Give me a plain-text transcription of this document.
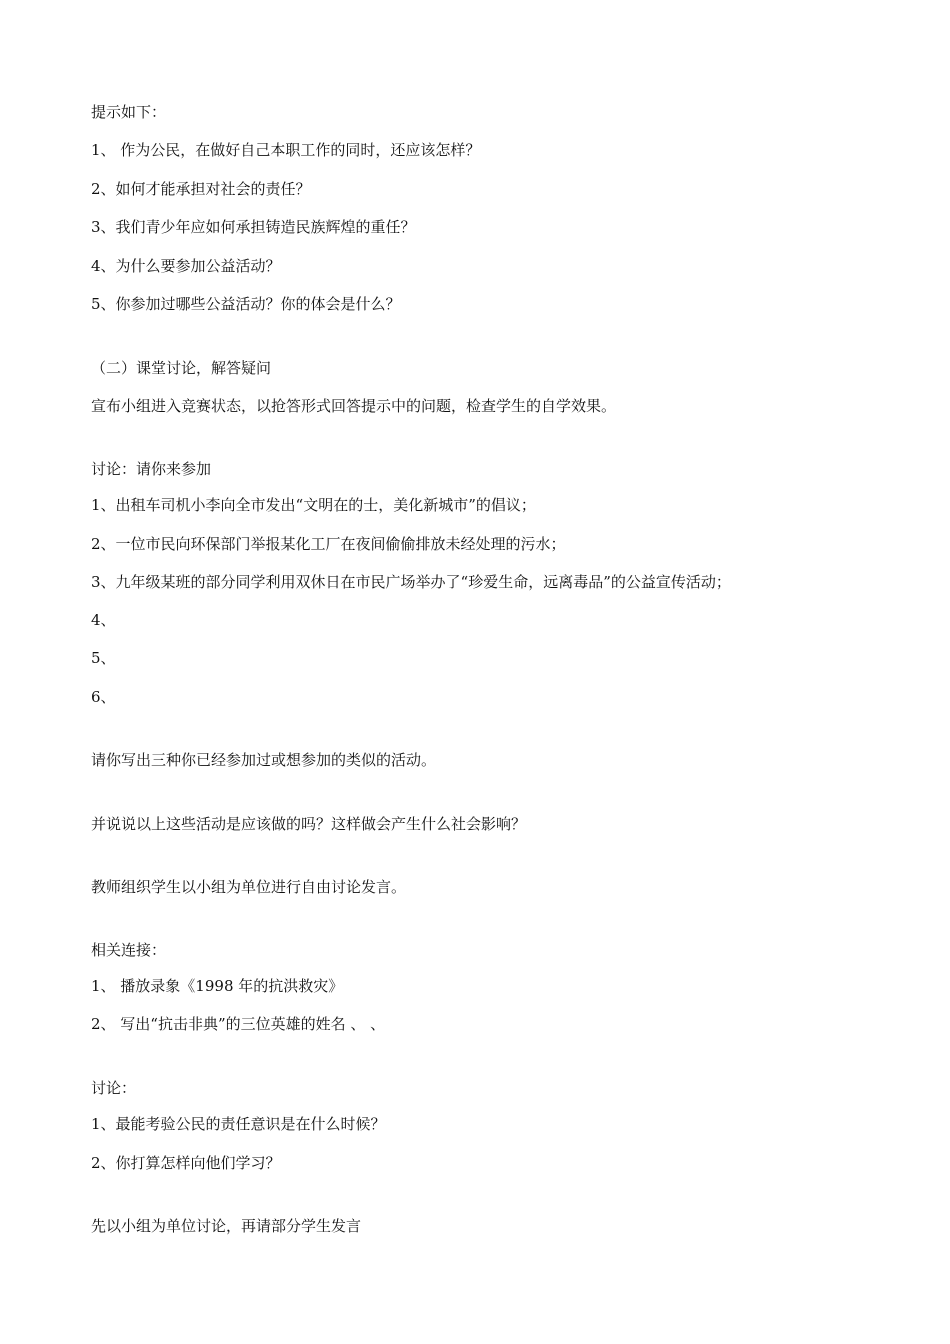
提示如下：
1、 作为公民，在做好自己本职工作的同时，还应该怎样？
2、如何才能承担对社会的责任？
3、我们青少年应如何承担铸造民族辉煌的重任？
4、为什么要参加公益活动？
5、你参加过哪些公益活动？你的体会是什么？
（二）课堂讨论，解答疑问
宣布小组进入竞赛状态，以抢答形式回答提示中的问题，检查学生的自学效果。
讨论：请你来参加
1、出租车司机小李向全市发出“文明在的士，美化新城市”的倡议；
2、一位市民向环保部门举报某化工厂在夜间偷偷排放未经处理的污水；
3、九年级某班的部分同学利用双休日在市民广场举办了“珍爱生命，远离毒品”的公益宣传活动；
4、
5、
6、
请你写出三种你已经参加过或想参加的类似的活动。
并说说以上这些活动是应该做的吗？这样做会产生什么社会影响？
教师组织学生以小组为单位进行自由讨论发言。
相关连接：
1、 播放录象《1998 年的抗洪救灾》
2、 写出“抗击非典”的三位英雄的姓名 、 、
讨论：
1、最能考验公民的责任意识是在什么时候？
2、你打算怎样向他们学习？
先以小组为单位讨论，再请部分学生发言
